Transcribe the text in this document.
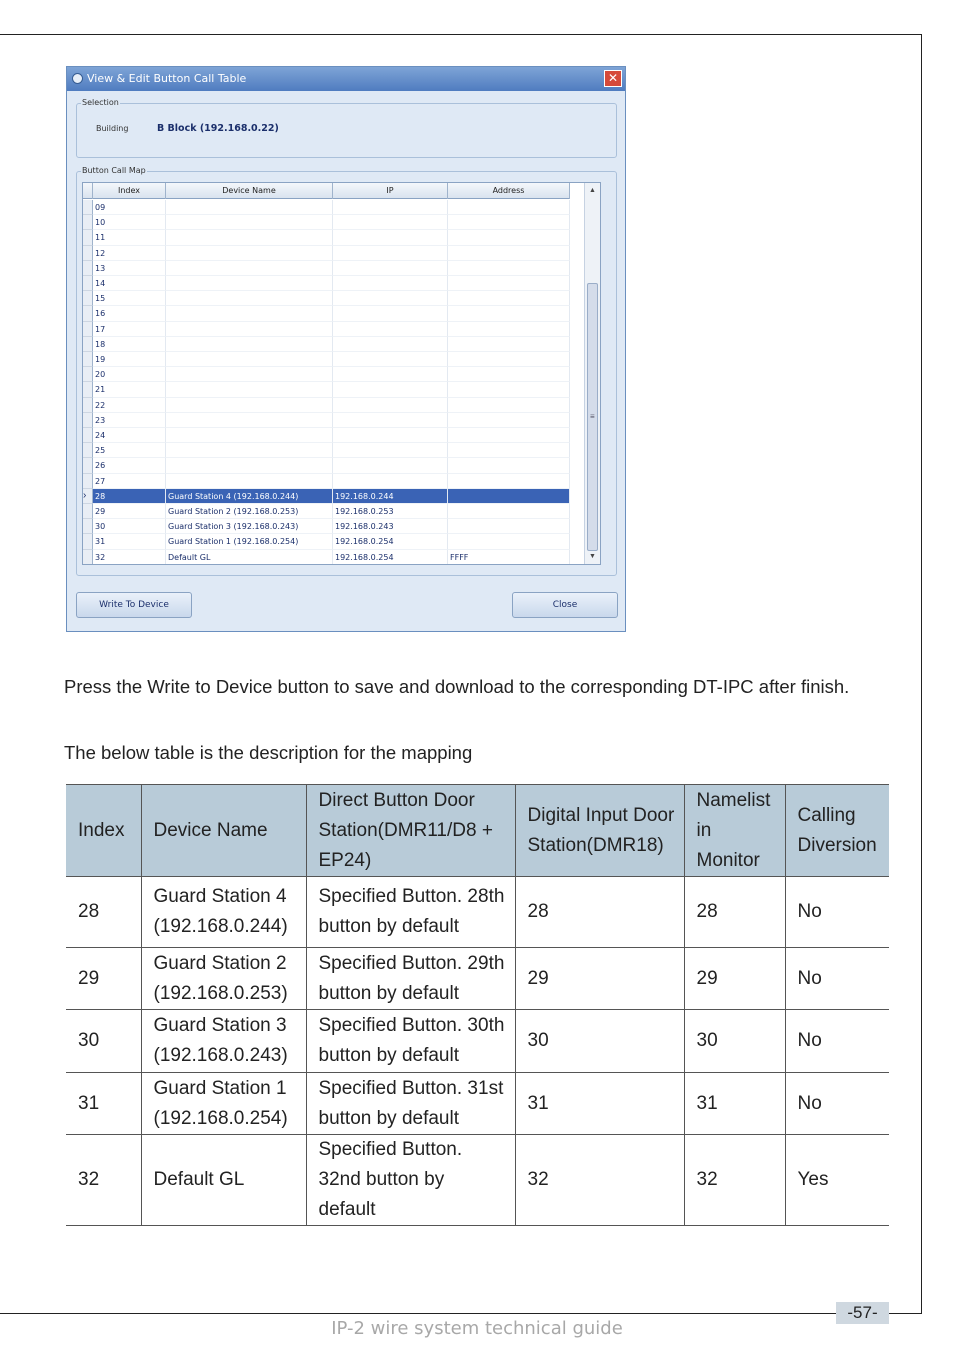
View & Edit Button Call Table	✕
Selection
Building	B Block (192.168.0.22)
Button Call Map
Index	Device Name	IP	Address
09
10
11
12
13
14
15
16
17
18
19
20
21
22
23
24
25
26
27
›	28	Guard Station 4 (192.168.0.244)	192.168.0.244
29	Guard Station 2 (192.168.0.253)	192.168.0.253
30	Guard Station 3 (192.168.0.243)	192.168.0.243
31	Guard Station 1 (192.168.0.254)	192.168.0.254
32	Default GL	192.168.0.254	FFFF
▲
≡
▼
Write To Device	Close
Press the Write to Device button to save and download to the corresponding DT-IPC after finish.
The below table is the description for the mapping
Index	Device Name	Direct Button Door Station(DMR11/D8 + EP24)	Digital Input Door Station(DMR18)	Namelist in Monitor	Calling Diversion
28	Guard Station 4 (192.168.0.244)	Specified Button. 28th button by default	28	28	No
29	Guard Station 2 (192.168.0.253)	Specified Button. 29th button by default	29	29	No
30	Guard Station 3 (192.168.0.243)	Specified Button. 30th button by default	30	30	No
31	Guard Station 1 (192.168.0.254)	Specified Button. 31st button by default	31	31	No
32	Default GL	Specified Button. 32nd button by default	32	32	Yes
-57-
IP-2 wire system technical guide
